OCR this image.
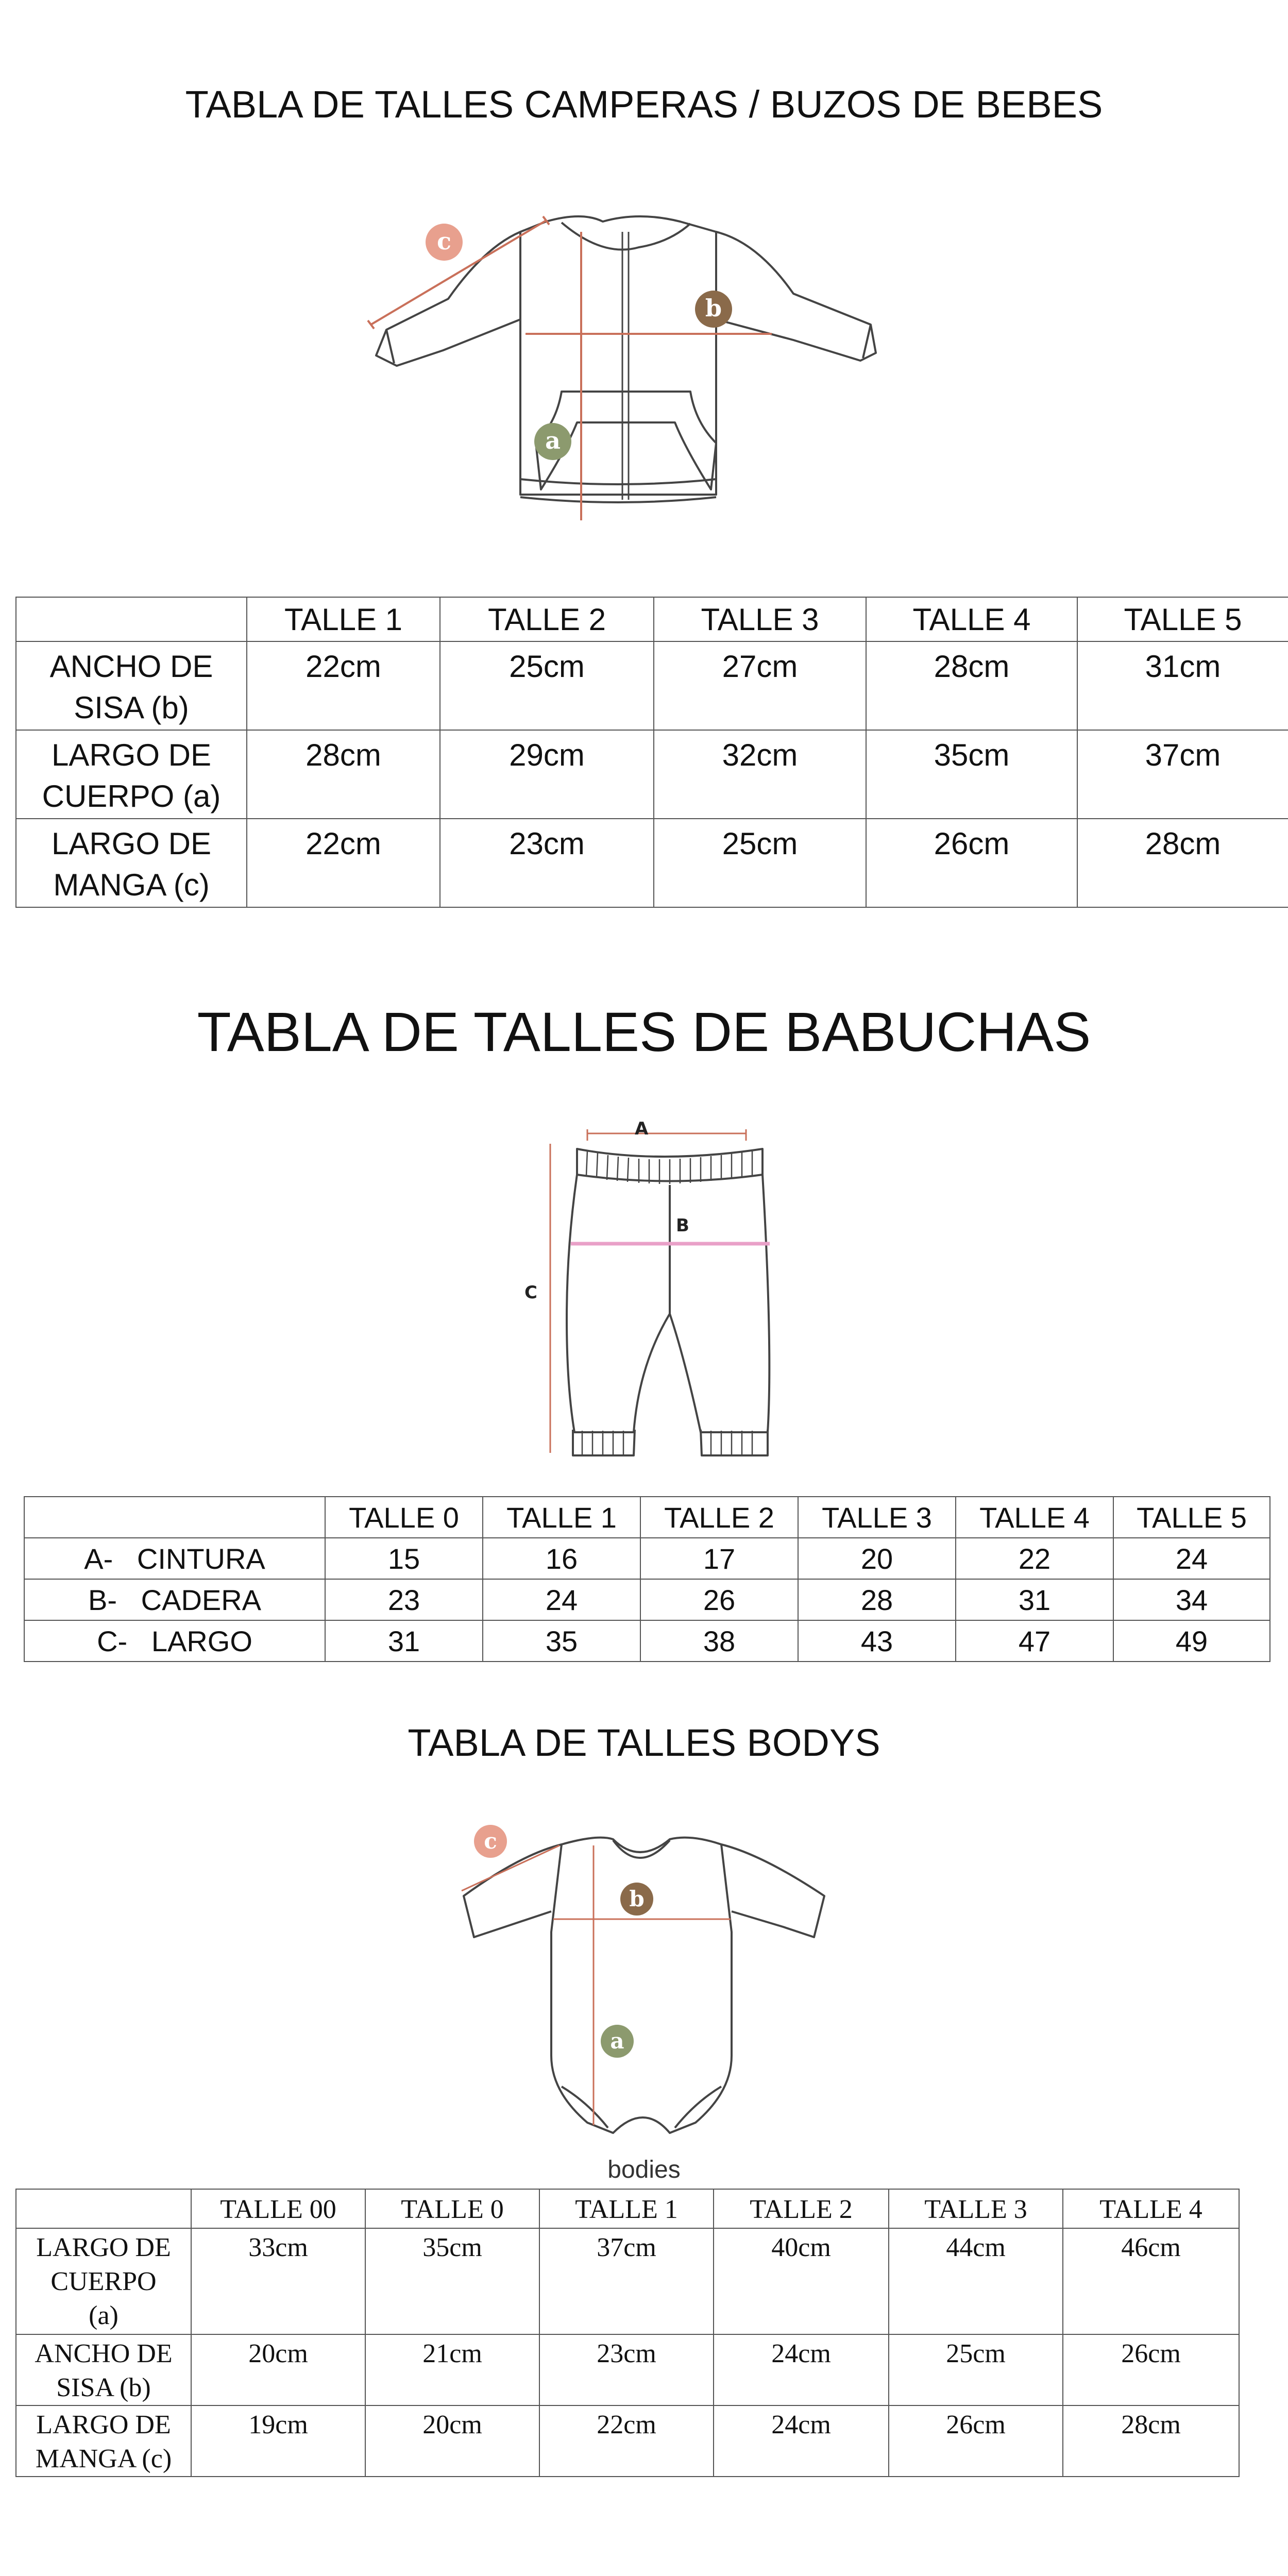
TABLA DE TALLES CAMPERAS / BUZOS DE BEBES
c
b
a
	TALLE 1	TALLE 2	TALLE 3	TALLE 4	TALLE 5
ANCHO DE
SISA (b)	22cm	25cm	27cm	28cm	31cm
LARGO DE
CUERPO (a)	28cm	29cm	32cm	35cm	37cm
LARGO DE
MANGA (c)	22cm	23cm	25cm	26cm	28cm
TABLA DE TALLES DE BABUCHAS
A
B
C
	TALLE 0	TALLE 1	TALLE 2	TALLE 3	TALLE 4	TALLE 5
A-   CINTURA	15	16	17	20	22	24
B-   CADERA	23	24	26	28	31	34
C-   LARGO	31	35	38	43	47	49
TABLA DE TALLES BODYS
c
b
a
bodies
	TALLE 00	TALLE 0	TALLE 1	TALLE 2	TALLE 3	TALLE 4
LARGO DE
CUERPO
(a)	33cm	35cm	37cm	40cm	44cm	46cm
ANCHO DE
SISA (b)	20cm	21cm	23cm	24cm	25cm	26cm
LARGO DE
MANGA (c)	19cm	20cm	22cm	24cm	26cm	28cm
